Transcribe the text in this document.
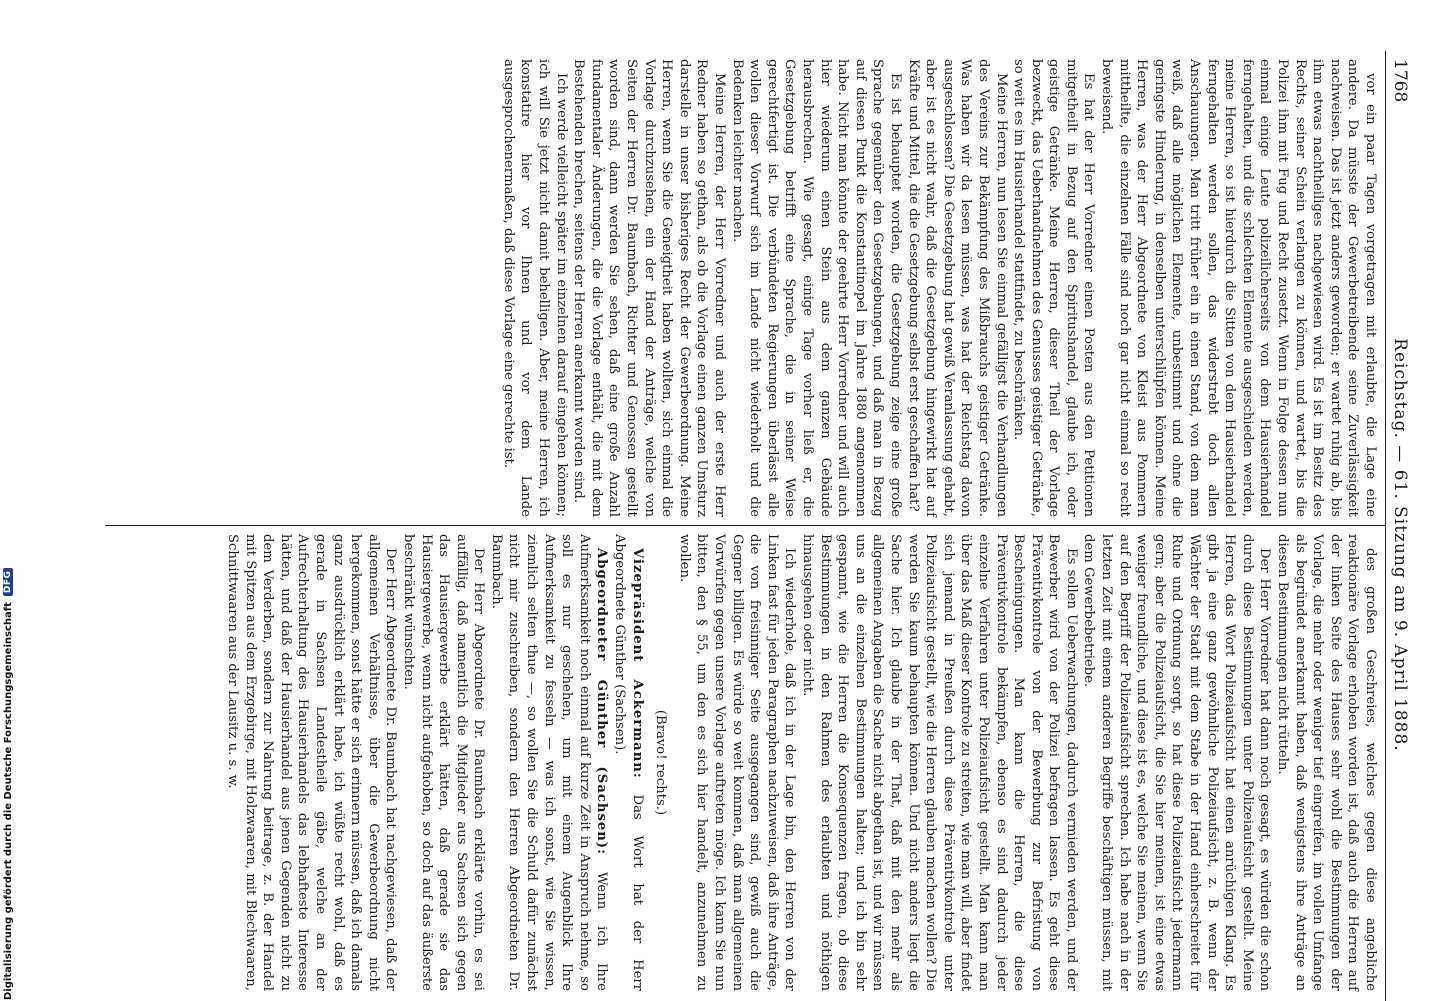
Digitalisierung gefördert durch die Deutsche Forschungsgemeinschaft
DFG
1768
Reichstag. — 61. Sitzung am 9. April 1888.

vor ein paar Tagen vorgetragen mit erlaubte, die Lage eine andere. Da müsste der Gewerbetreibende seine Zuverlässigkeit nachweisen. Das ist jetzt anders geworden; er wartet ruhig ab, bis ihm etwas nachtheiliges nachgewiesen wird. Es ist im Besitz des Rechts, seiner Schein verlangen zu können, und wartet, bis die Polizei ihm mit Fug und Recht zusetzt. Wenn in Folge dessen nun einmal einige Leute polizeilicherseits von dem Hausierhandel ferngehalten, und die schlechten Elemente ausgeschieden werden, meine Herren, so ist hierdurch die Sitten von dem Hausierhandel ferngehalten werden sollen, das widerstrebt doch allen Anschauungen. Man tritt früher ein in einen Stand, von dem man weiß, daß alle möglichen Elemente, unbestimmt und ohne die geringste Hinderung, in denselben unterschlüpfen können. Meine Herren, was der Herr Abgeordnete von Kleist aus Pommern mittheilte, die einzelnen Fälle sind noch gar nicht einmal so recht beweisend.

Es hat der Herr Vorredner einen Posten aus den Petitionen mitgetheilt in Bezug auf den Spiritushandel, glaube ich, oder geistige Getränke. Meine Herren, dieser Theil der Vorlage bezweckt, das Ueberhandnehmen des Genusses geistiger Getränke, so weit es im Hausierhandel stattfindet, zu beschränken.

Meine Herren, nun lesen Sie einmal gefälligst die Verhandlungen des Vereins zur Bekämpfung des Mißbrauchs geistiger Getränke. Was haben wir da lesen müssen, was hat der Reichstag davon ausgeschlossen? Die Gesetzgebung hat gewiß Veranlassung gehabt, aber ist es nicht wahr, daß die Gesetzgebung hingewirkt hat auf Kräfte und Mittel, die die Gesetzgebung selbst erst geschaffen hat?

Es ist behauptet worden, die Gesetzgebung zeige eine große Sprache gegenüber den Gesetzgebungen, und daß man in Bezug auf diesen Punkt die Konstantinopel im Jahre 1880 angenommen habe. Nicht man könnte der geehrte Herr Vorredner und will auch hier wiederum einen Stein aus dem ganzen Gebäude herausbrechen. Wie gesagt, einige Tage vorher ließ er, die Gesetzgebung betrifft eine Sprache, die in seiner Weise gerechtfertigt ist. Die verbündeten Regierungen überlässt alle wollen dieser Vorwurf sich im Lande nicht wiederholt und die Bedenken leichter machen.

Meine Herren, der Herr Vorredner und auch der erste Herr Redner haben so gethan, als ob die Vorlage einen ganzen Umsturz darstelle in unser bisheriges Recht der Gewerbeordnung. Meine Herren, wenn Sie die Geneigtheit haben wollten, sich einmal die Vorlage durchzusehen, ein der Hand der Anträge, welche von Seiten der Herren Dr. Baumbach, Richter und Genossen gestellt worden sind, dann werden Sie sehen, daß eine große Anzahl fundamentaler Änderungen, die die Vorlage enthält, die mit dem Bestehenden brechen, seitens der Herren anerkannt worden sind.

Ich werde vielleicht später im einzelnen darauf eingehen können; ich will Sie jetzt nicht damit behelligen. Aber, meine Herren, ich konstatire hier vor Ihnen und vor dem Lande ausgesprochenermaßen, daß diese Vorlage eine gerechte ist.

des großen Geschreies, welches gegen diese angebliche reaktionäre Vorlage erhoben worden ist, daß auch die Herren auf der linken Seite des Hauses sehr wohl die Bestimmungen der Vorlage, die mehr oder weniger tief eingreifen, im vollen Umfange als begründet anerkannt haben, daß wenigstens ihre Anträge an diesen Bestimmungen nicht rütteln.

Der Herr Vorredner hat dann noch gesagt, es würden die schon durch diese Bestimmungen unter Polizeiaufsicht gestellt. Meine Herren, das Wort Polizeiaufsicht hat einen anrüchigen Klang. Es gibt ja eine ganz gewöhnliche Polizeiaufsicht, z. B. wenn der Wächter der Stadt mit dem Stabe in der Hand einherschreitet für Ruhe und Ordnung sorgt, so hat diese Polizeiaufsicht jedermann gern; aber die Polizeiaufsicht, die Sie hier meinen, ist eine etwas weniger freundliche, und diese ist es, welche Sie meinen, wenn Sie auf den Begriff der Polizeiaufsicht sprechen. Ich habe nach in der letzten Zeit mit einem anderen Begriffe beschäftigen müssen, mit dem Gewerbebetriebe.

Es sollen Ueberwachungen, dadurch vermieden werden, und der Bewerber wird von der Polizei befragen lassen. Es geht diese Präventivkontrole von der Bewerbung zur Befristung von Bescheinigungen. Man kann die Herren, die diese Präventivkontrole bekämpfen, ebenso es sind dadurch jeder einzelne Verfahren unter Polizeiaufsicht gestellt. Man kann man über das Maß dieser Kontrole zu streiten, wie man will, aber findet sich jemand in Preußen durch diese Präventivkontrole unter Polizeiaufsicht gestellt, wie die Herren glauben machen wollen? Die werden Sie kaum behaupten können. Und nicht anders liegt die Sache hier. Ich glaube in der That, daß mit den mehr als allgemeinen Angaben die Sache nicht abgethan ist, und wir müssen uns an die einzelnen Bestimmungen halten; und ich bin sehr gespannt, wie die Herren die Konsequenzen fragen, ob diese Bestimmungen in den Rahmen des erlaubten und nöthigen hinausgehen oder nicht.

Ich wiederhole, daß ich in der Lage bin, den Herren von der Linken fast für jeden Paragraphen nachzuweisen, daß ihre Anträge, die von freisinniger Seite ausgegangen sind, gewiß auch die Gegner billigen. Es würde so weit kommen, daß man allgemeinen Vorwürfen gegen unsere Vorlage auftreten möge. Ich kann Sie nun bitten, den § 55, um den es sich hier handelt, anzunehmen zu wollen.

(Bravo! rechts.)

Vizepräsident Ackermann: Das Wort hat der Herr Abgeordnete Günther (Sachsen).

Abgeordneter Günther (Sachsen): Wenn ich Ihre Aufmerksamkeit noch einmal auf kurze Zeit in Anspruch nehme, so soll es nur geschehen, um mit einem Augenblick Ihre Aufmerksamkeit zu fesseln — was ich sonst, wie Sie wissen, ziemlich selten thue —, so wollen Sie die Schuld dafür zunächst nicht mir zuschreiben, sondern den Herren Abgeordneten Dr. Baumbach.

Der Herr Abgeordnete Dr. Baumbach erklärte vorhin, es sei auffällig, daß namentlich die Mitglieder aus Sachsen sich gegen das Hausiergewerbe erklärt hätten, daß gerade sie das Hausiergewerbe, wenn nicht aufgehoben, so doch auf das äußerste beschränkt wünschten.

Der Herr Abgeordnete Dr. Baumbach hat nachgewiesen, daß der allgemeinen Verhältnisse, über die Gewerbeordnung nicht hergekommen, sonst hätte er sich erinnern müssen, daß ich damals ganz ausdrücklich erklärt habe, ich wüßte recht wohl, daß es gerade in Sachsen Landestheile gäbe, welche an der Aufrechterhaltung des Hausierhandels das lebhafteste Interesse hätten, und daß der Hausierhandel aus jenen Gegenden nicht zu dem Verderben, sondern zur Nahrung beitrage, z. B. der Handel mit Spitzen aus dem Erzgebirge, mit Holzwaaren, mit Blechwaaren, Schnittwaaren aus der Lausitz u. s. w.
